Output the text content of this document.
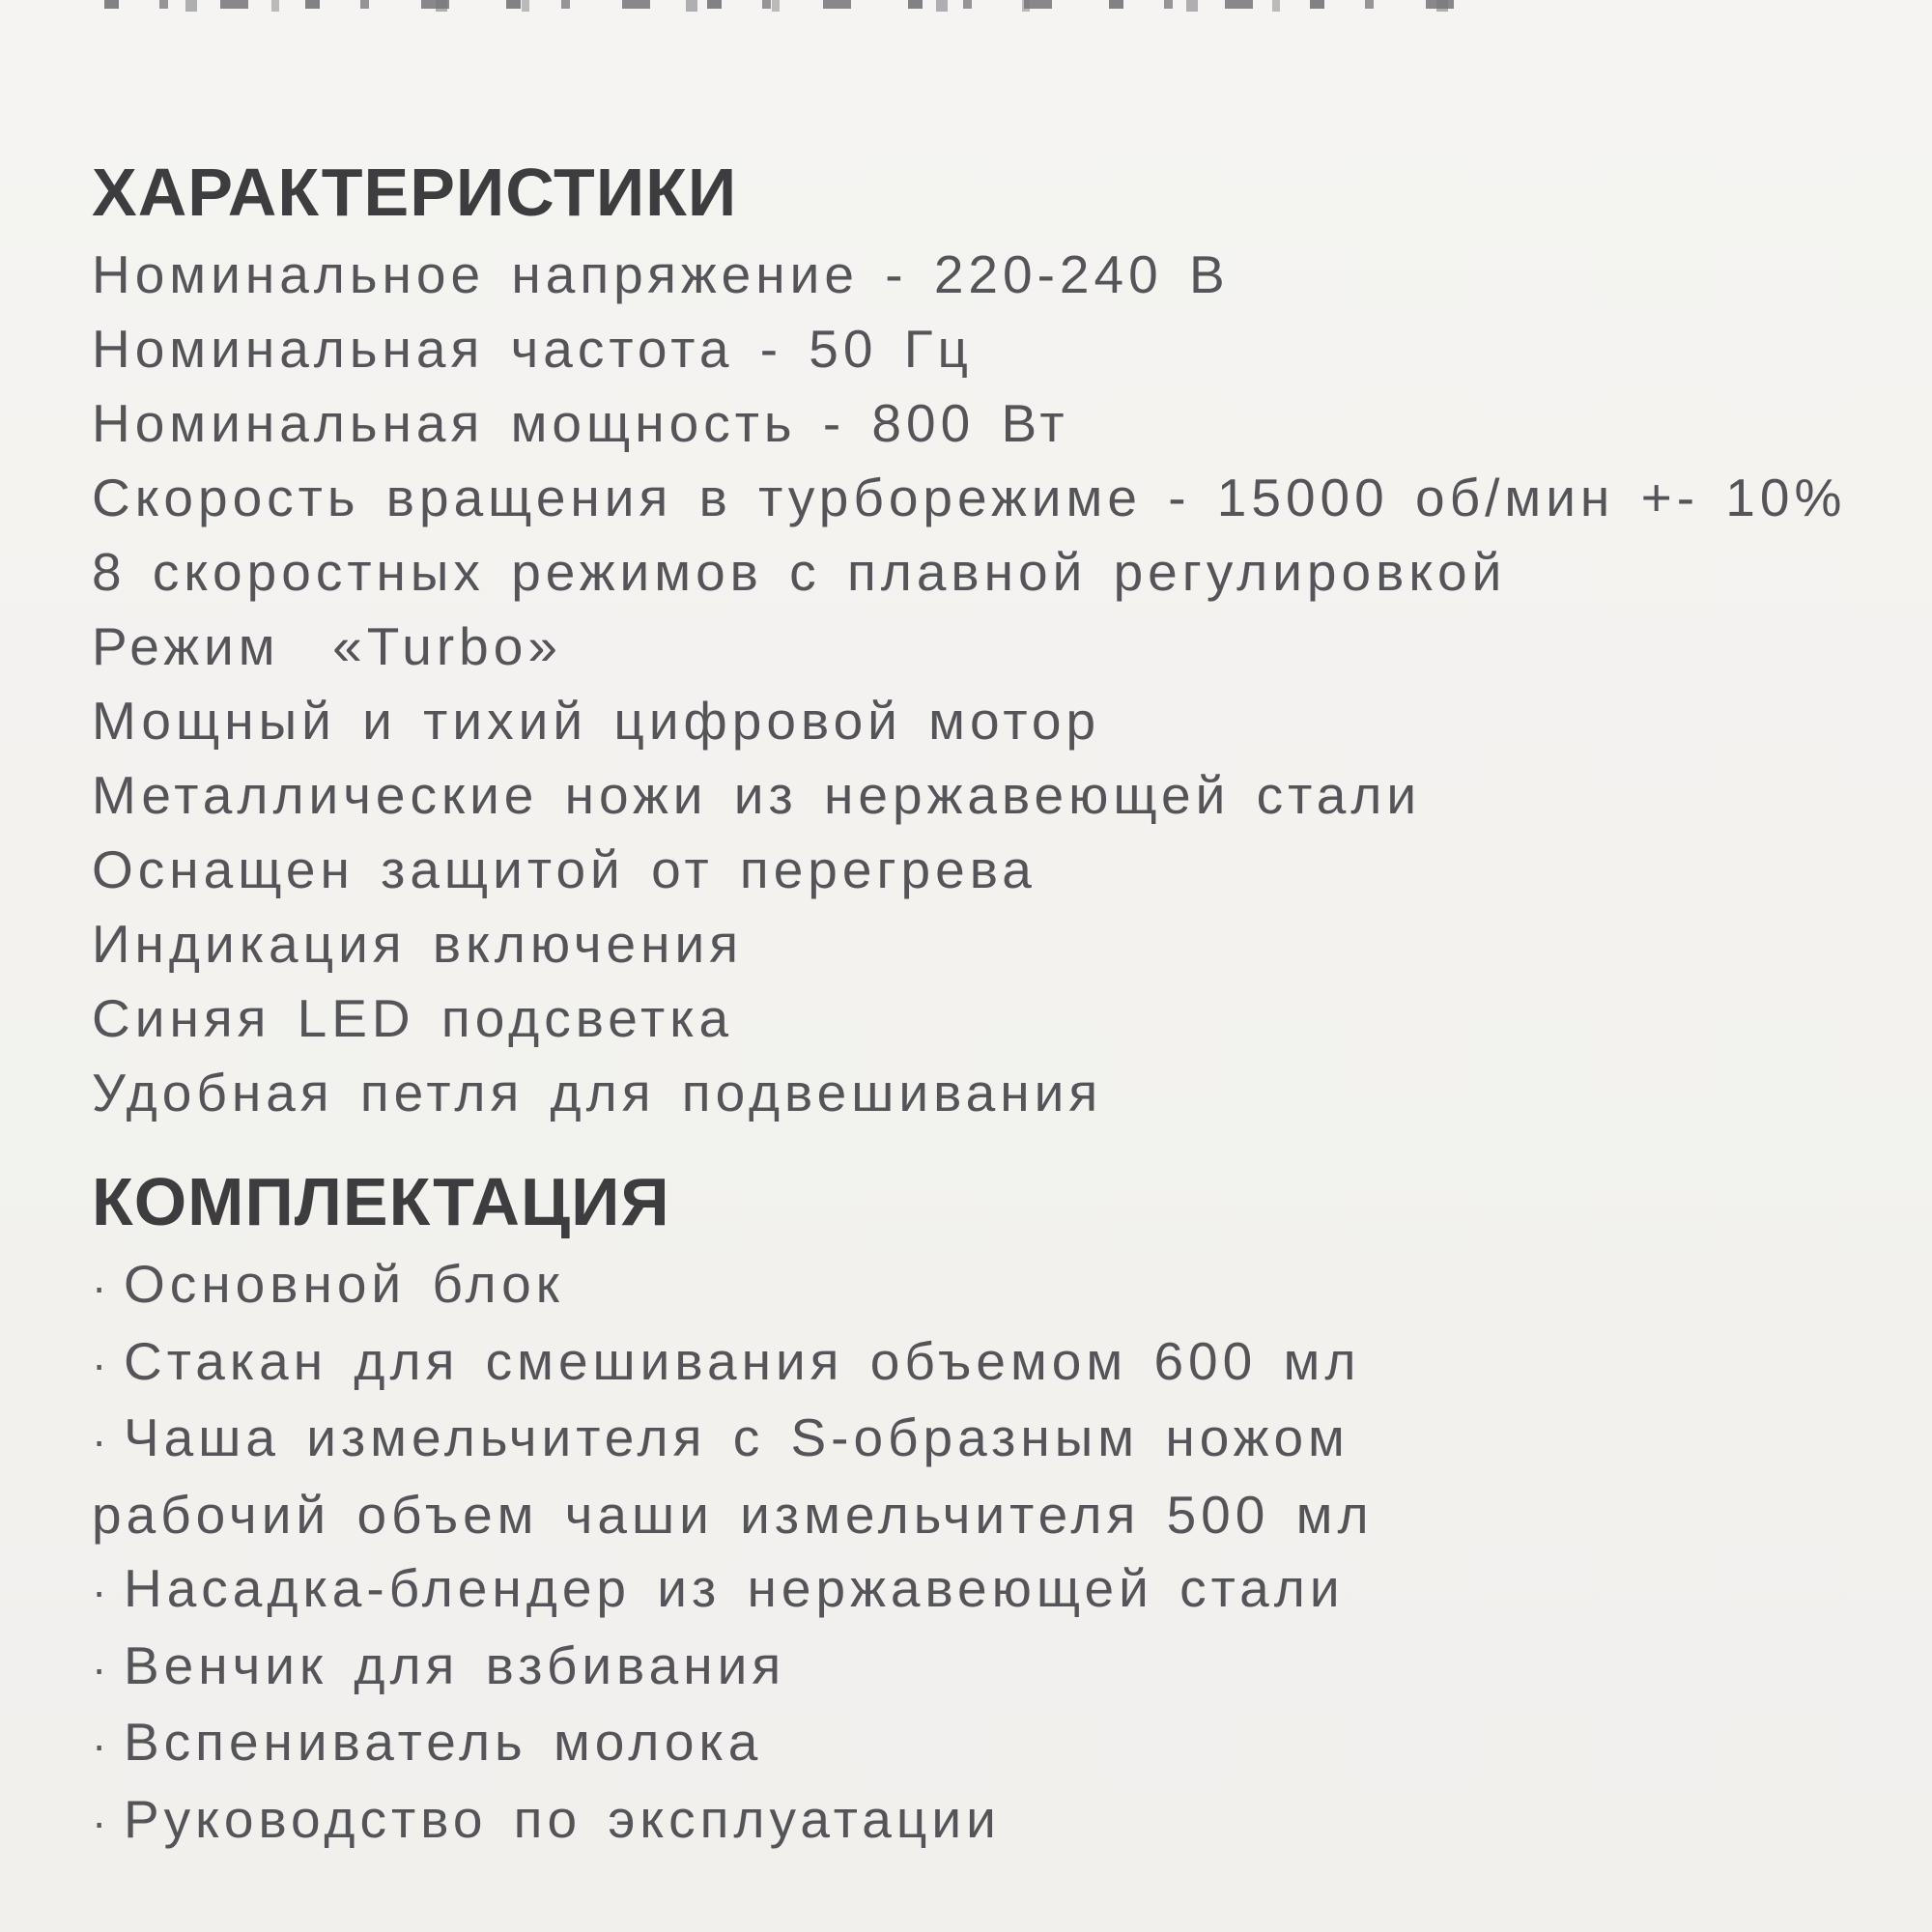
ХАРАКТЕРИСТИКИ
Номинальное напряжение - 220-240 В
Номинальная частота - 50 Гц
Номинальная мощность - 800 Вт
Скорость вращения в турборежиме - 15000 об/мин +- 10%
8 скоростных режимов с плавной регулировкой
Режим  «Turbo»
Мощный и тихий цифровой мотор
Металлические ножи из нержавеющей стали
Оснащен защитой от перегрева
Индикация включения
Синяя LED подсветка
Удобная петля для подвешивания
КОМПЛЕКТАЦИЯ
· Основной блок
· Стакан для смешивания объемом 600 мл
· Чаша измельчителя с S-образным ножом
рабочий объем чаши измельчителя 500 мл
· Насадка-блендер из нержавеющей стали
· Венчик для взбивания
· Вспениватель молока
· Руководство по эксплуатации
